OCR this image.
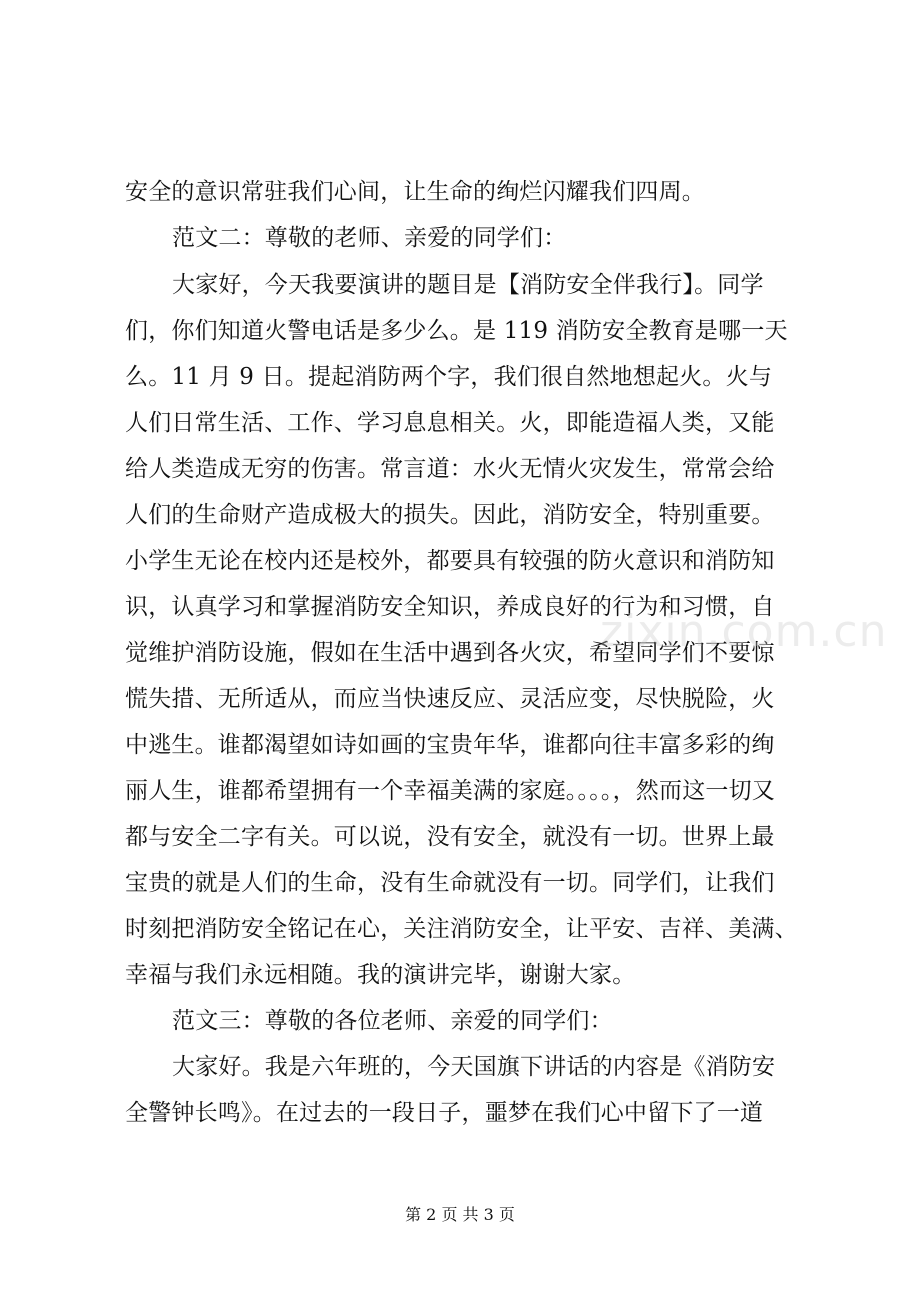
安全的意识常驻我们心间，让生命的绚烂闪耀我们四周。
范文二：尊敬的老师、亲爱的同学们：
大家好，今天我要演讲的题目是【消防安全伴我行】。同学
们，你们知道火警电话是多少么。是 119 消防安全教育是哪一天
么。11 月 9 日。提起消防两个字，我们很自然地想起火。火与
人们日常生活、工作、学习息息相关。火，即能造福人类，又能
给人类造成无穷的伤害。常言道：水火无情火灾发生，常常会给
人们的生命财产造成极大的损失。因此，消防安全，特别重要。
小学生无论在校内还是校外，都要具有较强的防火意识和消防知
识，认真学习和掌握消防安全知识，养成良好的行为和习惯，自
觉维护消防设施，假如在生活中遇到各火灾，希望同学们不要惊
慌失措、无所适从，而应当快速反应、灵活应变，尽快脱险，火
中逃生。谁都渴望如诗如画的宝贵年华，谁都向往丰富多彩的绚
丽人生，谁都希望拥有一个幸福美满的家庭。。。。，然而这一切又
都与安全二字有关。可以说，没有安全，就没有一切。世界上最
宝贵的就是人们的生命，没有生命就没有一切。同学们，让我们
时刻把消防安全铭记在心，关注消防安全，让平安、吉祥、美满、
幸福与我们永远相随。我的演讲完毕，谢谢大家。
范文三：尊敬的各位老师、亲爱的同学们：
大家好。我是六年班的，今天国旗下讲话的内容是《消防安
全警钟长鸣》。在过去的一段日子，噩梦在我们心中留下了一道
zixin.com.cn
第 2 页 共 3 页
